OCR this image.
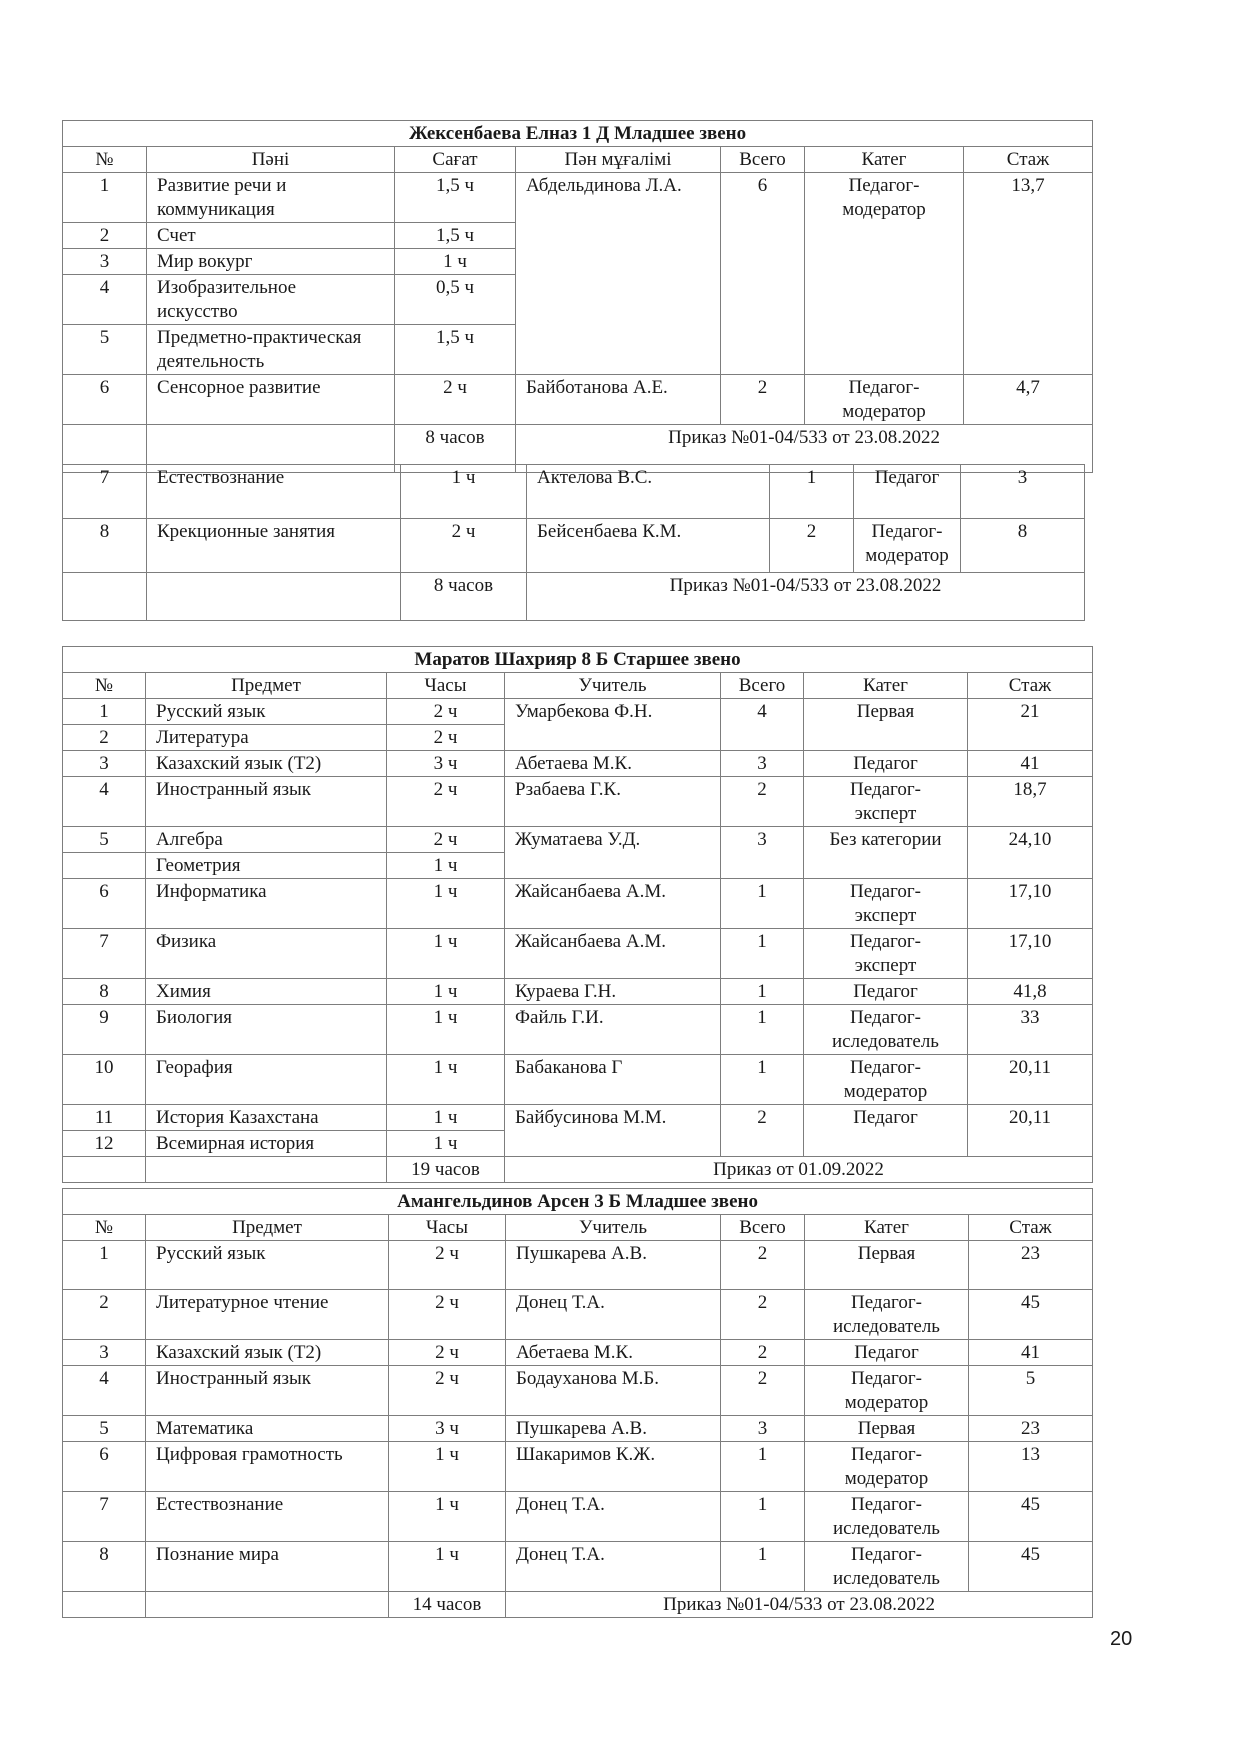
Жексенбаева Елназ 1 Д Младшее звено						
№	Пәні	Сағат	Пән мұғалімі	Всего	Катег	Стаж
1	Развитие речи и
коммуникация	1,5 ч	Абдельдинова Л.А.	6	Педагог-
модератор	13,7
2	Счет	1,5 ч				
3	Мир вокург	1 ч				
4	Изобразительное
искусство	0,5 ч				
5	Предметно-практическая
деятельность	1,5 ч				
6	Сенсорное развитие	2 ч	Байботанова А.Е.	2	Педагог-
модератор	4,7
		8 часов	Приказ №01-04/533 от 23.08.2022			
7	Естествознание	1 ч	Актелова В.С.	1	Педагог	3
8	Крекционные занятия	2 ч	Бейсенбаева К.М.	2	Педагог-
модератор	8
		8 часов	Приказ №01-04/533 от 23.08.2022			
Маратов Шахрияр 8 Б Старшее звено						
№	Предмет	Часы	Учитель	Всего	Катег	Стаж
1	Русский язык	2 ч	Умарбекова Ф.Н.	4	Первая	21
2	Литература	2 ч				
3	Казахский язык (Т2)	3 ч	Абетаева М.К.	3	Педагог	41
4	Иностранный язык	2 ч	Рзабаева Г.К.	2	Педагог-
эксперт	18,7
5	Алгебра	2 ч	Жуматаева У.Д.	3	Без категории	24,10
	Геометрия	1 ч				
6	Информатика	1 ч	Жайсанбаева А.М.	1	Педагог-
эксперт	17,10
7	Физика	1 ч	Жайсанбаева А.М.	1	Педагог-
эксперт	17,10
8	Химия	1 ч	Кураева Г.Н.	1	Педагог	41,8
9	Биология	1 ч	Файль Г.И.	1	Педагог-
иследователь	33
10	Георафия	1 ч	Бабаканова Г	1	Педагог-
модератор	20,11
11	История Казахстана	1 ч	Байбусинова М.М.	2	Педагог	20,11
12	Всемирная история	1 ч				
		19 часов	Приказ от 01.09.2022			
Амангельдинов Арсен 3 Б Младшее звено						
№	Предмет	Часы	Учитель	Всего	Катег	Стаж
1	Русский язык	2 ч	Пушкарева А.В.	2	Первая	23
2	Литературное чтение	2 ч	Донец Т.А.	2	Педагог-
иследователь	45
3	Казахский язык (Т2)	2 ч	Абетаева М.К.	2	Педагог	41
4	Иностранный язык	2 ч	Бодауханова М.Б.	2	Педагог-
модератор	5
5	Математика	3 ч	Пушкарева А.В.	3	Первая	23
6	Цифровая грамотность	1 ч	Шакаримов К.Ж.	1	Педагог-
модератор	13
7	Естествознание	1 ч	Донец Т.А.	1	Педагог-
иследователь	45
8	Познание мира	1 ч	Донец Т.А.	1	Педагог-
иследователь	45
		14 часов	Приказ №01-04/533 от 23.08.2022			
20
